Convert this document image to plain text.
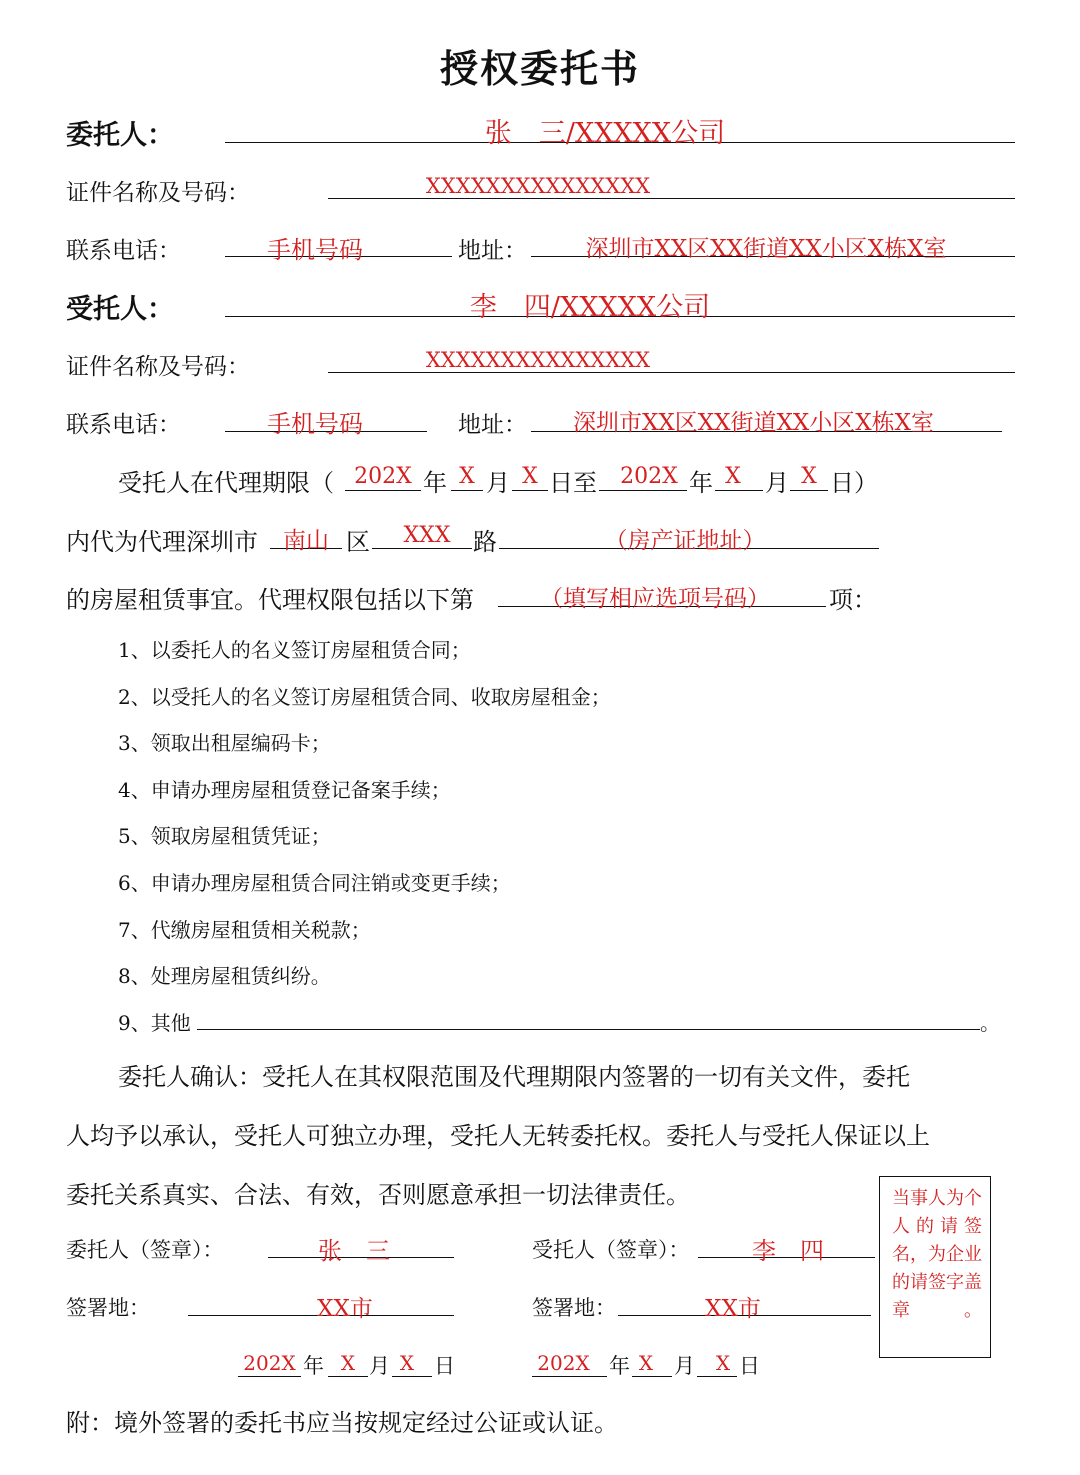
授权委托书
委托人：	张　三/XXXXX公司
证件名称及号码：	XXXXXXXXXXXXXXX
联系电话：	手机号码	地址：	深圳市XX区XX街道XX小区X栋X室
受托人：	李　四/XXXXX公司
证件名称及号码：	XXXXXXXXXXXXXXX
联系电话：	手机号码	地址：	深圳市XX区XX街道XX小区X栋X室
受托人在代理期限（ 202X 年 X 月 X 日至	202X 年 X	月 X 日）
内代为代理深圳市	南山 区	XXX 路	（房产证地址）
的房屋租赁事宜。代理权限包括以下第	（填写相应选项号码）	项：
1、以委托人的名义签订房屋租赁合同；
2、以受托人的名义签订房屋租赁合同、收取房屋租金；
3、领取出租屋编码卡；
4、申请办理房屋租赁登记备案手续；
5、领取房屋租赁凭证；
6、申请办理房屋租赁合同注销或变更手续；
7、代缴房屋租赁相关税款；
8、处理房屋租赁纠纷。
9、其他	。
委托人确认：受托人在其权限范围及代理期限内签署的一切有关文件，委托
人均予以承认，受托人可独立办理，受托人无转委托权。委托人与受托人保证以上
委托关系真实、合法、有效，否则愿意承担一切法律责任。	当事人为个人的请签名，为企业的请签字盖章。
委托人（签章）：	张　三	受托人（签章）：	李　四
签署地：	XX市	签署地：	XX市
202X 年 X 月 X 日	202X 年 X 月	X 日
附：境外签署的委托书应当按规定经过公证或认证。
